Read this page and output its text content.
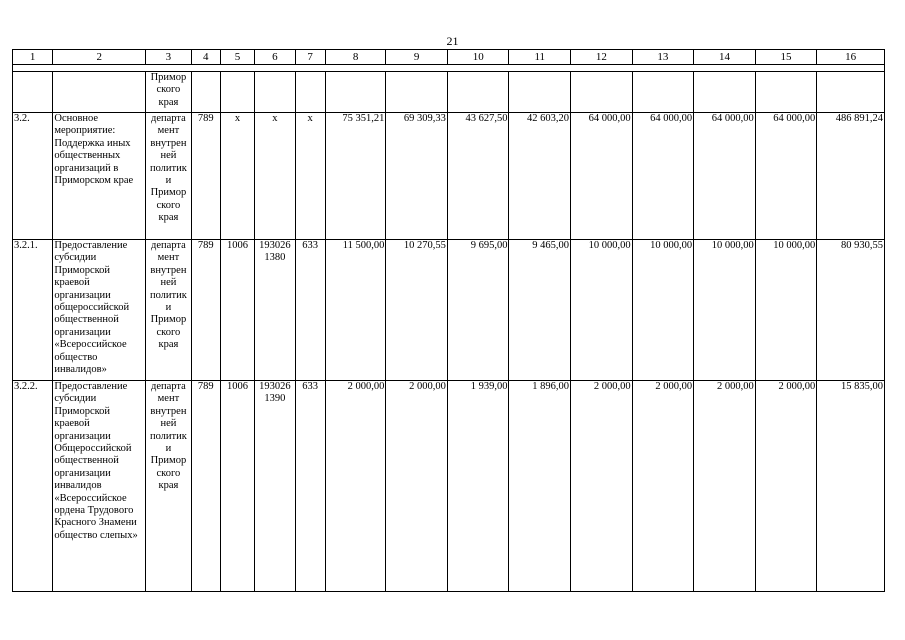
21
1	2	3	4	5	6	7	8	9	10	11	12	13	14	15	16

		Примор ского края													
3.2.	Основное мероприятие: Поддержка иных общественных организаций в Приморском крае	департа мент внутрен ней политик и Примор ского края	789	x	x	x	75 351,21	69 309,33	43 627,50	42 603,20	64 000,00	64 000,00	64 000,00	64 000,00	486 891,24
3.2.1.	Предоставление субсидии Приморской краевой организации общероссийской общественной организации «Всероссийское общество инвалидов»	департа мент внутрен ней политик и Примор ского края	789	1006	193026 1380	633	11 500,00	10 270,55	9 695,00	9 465,00	10 000,00	10 000,00	10 000,00	10 000,00	80 930,55
3.2.2.	Предоставление субсидии Приморской краевой организации Общероссийской общественной организации инвалидов «Всероссийское ордена Трудового Красного Знамени общество слепых»	департа мент внутрен ней политик и Примор ского края	789	1006	193026 1390	633	2 000,00	2 000,00	1 939,00	1 896,00	2 000,00	2 000,00	2 000,00	2 000,00	15 835,00
